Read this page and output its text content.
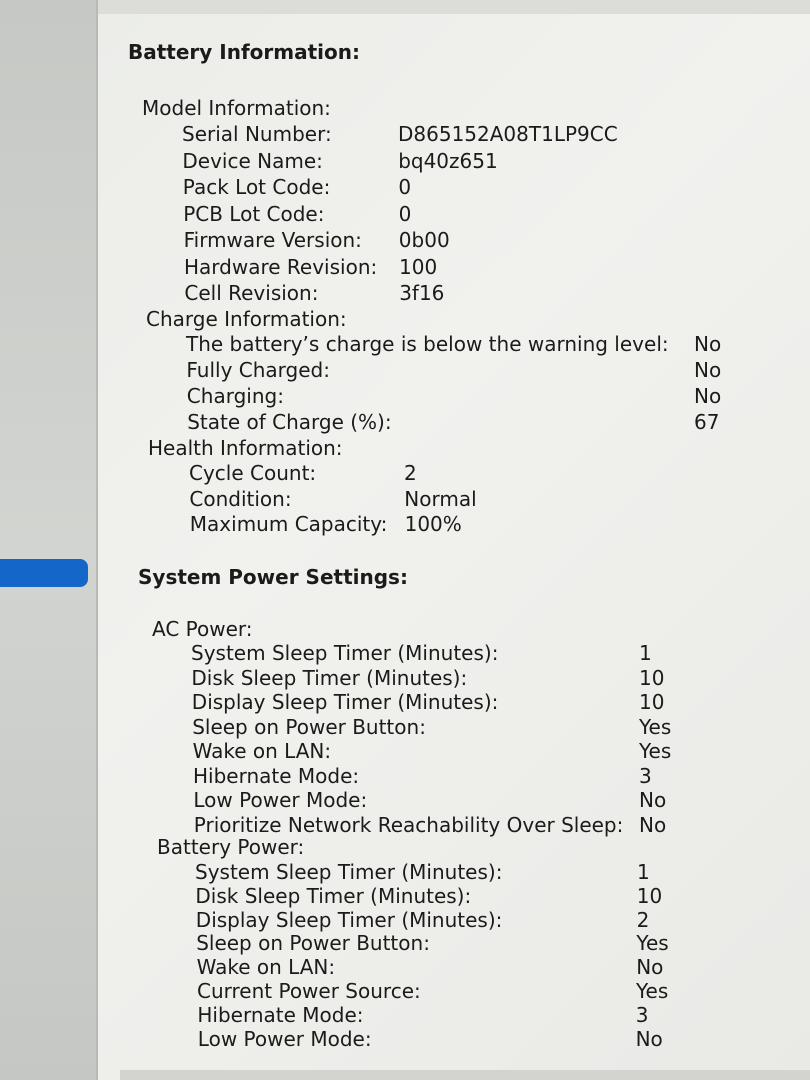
Battery Information:
Model Information:
Serial Number:	D865152A08T1LP9CC
Device Name:	bq40z651
Pack Lot Code:	0
PCB Lot Code:	0
Firmware Version: 0b00
Hardware Revision: 100
Cell Revision:	3f16
Charge Information:
The battery’s charge is below the warning level: No
Fully Charged:	No
Charging:	No
State of Charge (%):	67
Health Information:
Cycle Count:	2
Condition:	Normal
Maximum Capacity: 100%
System Power Settings:
AC Power:
System Sleep Timer (Minutes):	1
Disk Sleep Timer (Minutes):	10
Display Sleep Timer (Minutes):	10
Sleep on Power Button:	Yes
Wake on LAN:	Yes
Hibernate Mode:	3
Low Power Mode:	No
Prioritize Network Reachability Over Sleep: No
Battery Power:
System Sleep Timer (Minutes):	1
Disk Sleep Timer (Minutes):	10
Display Sleep Timer (Minutes):	2
Sleep on Power Button:	Yes
Wake on LAN:	No
Current Power Source:	Yes
Hibernate Mode:	3
Low Power Mode:	No
